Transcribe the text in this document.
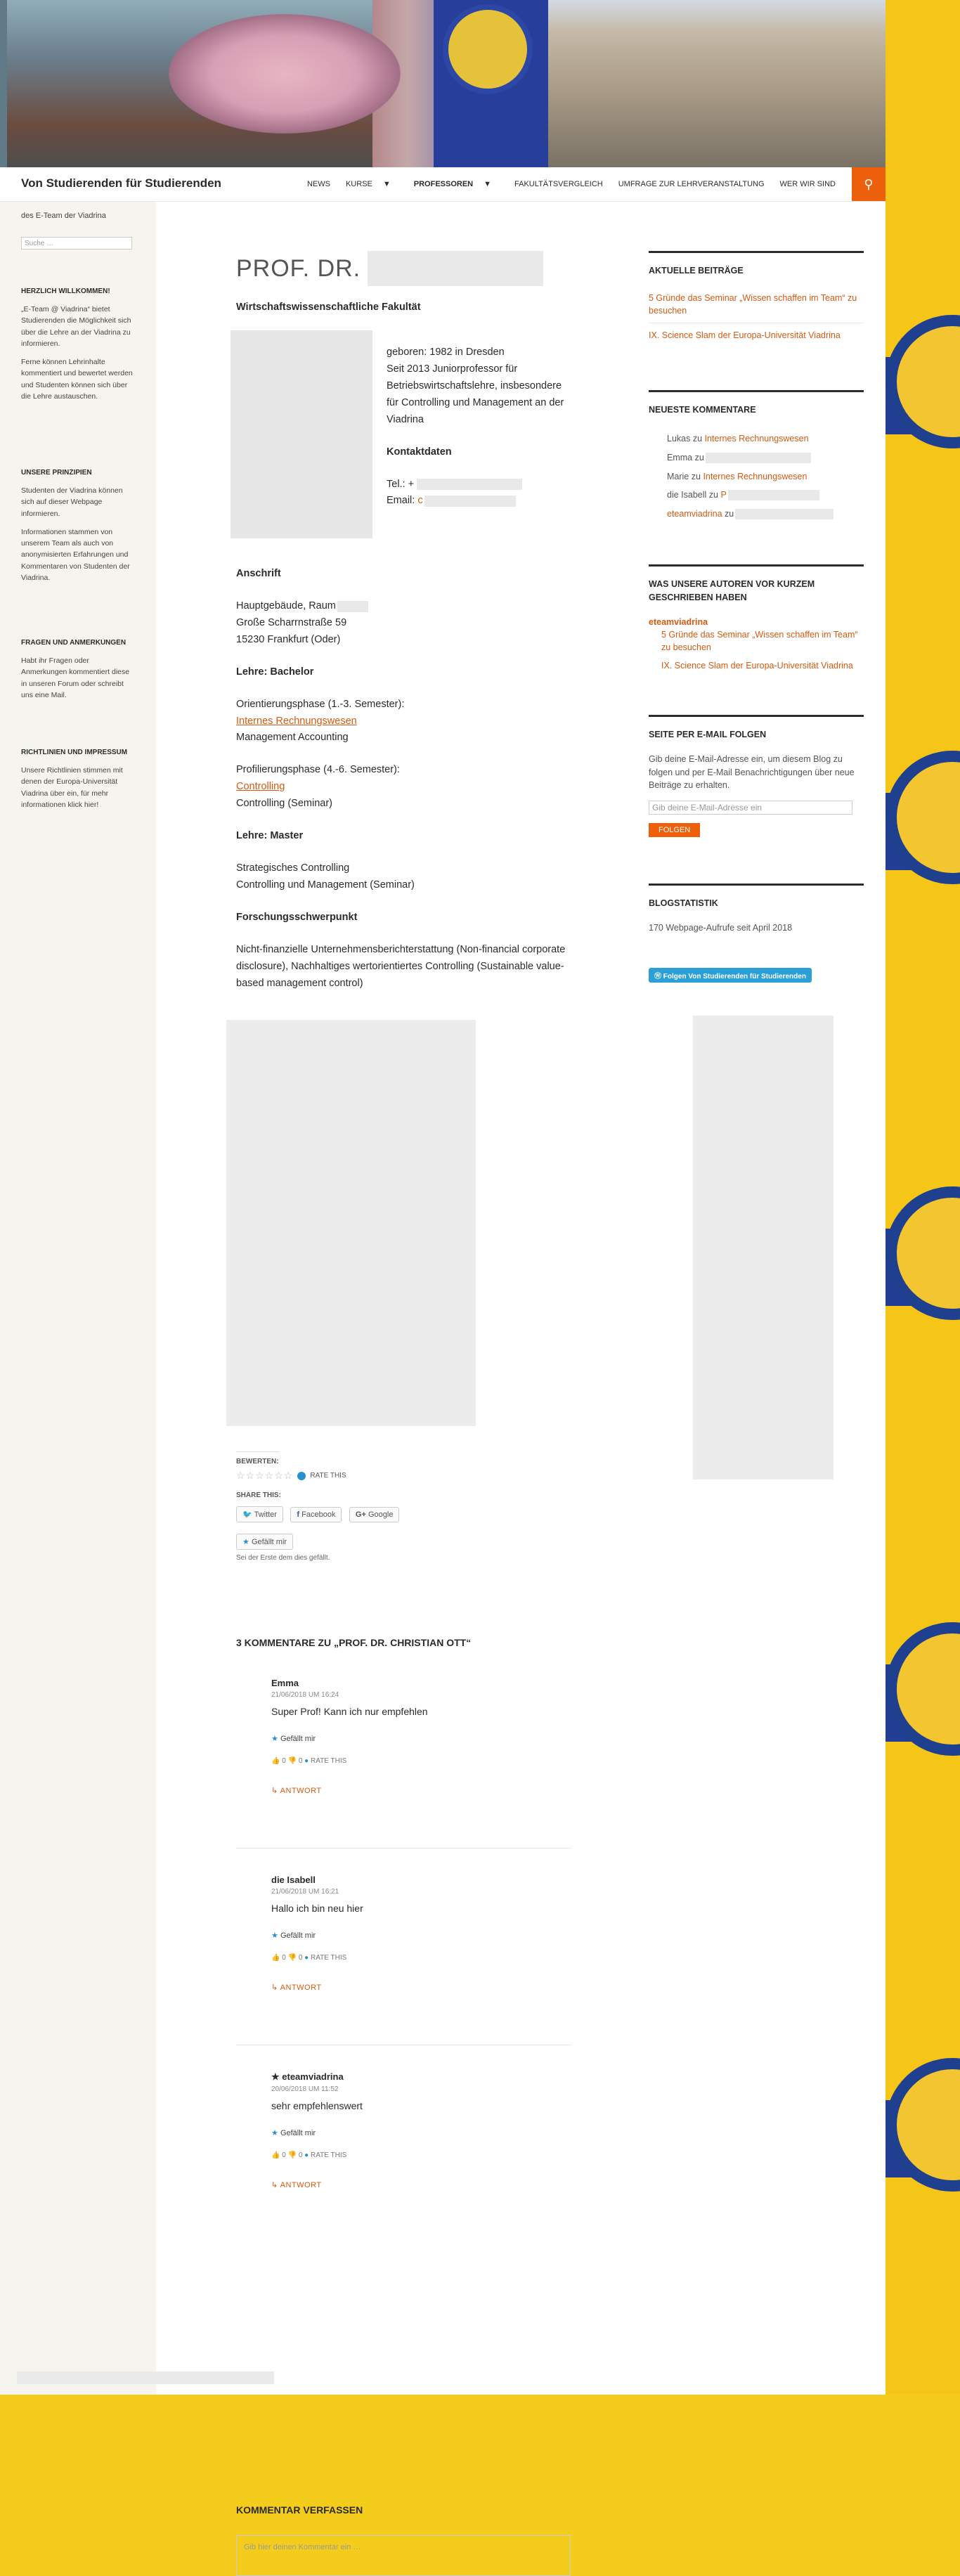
Von Studierenden für Studierenden	NEWS KURSE	▼	PROFESSOREN	▼	FAKULTÄTSVERGLEICH UMFRAGE ZUR LEHRVERANSTALTUNG WER WIR SIND ⚲
des E-Team der Viadrina
Suche …
HERZLICH WILLKOMMEN!

„E-Team @ Viadrina“ bietet Studierenden die Möglichkeit sich über die Lehre an der Viadrina zu informieren.

Ferne können Lehrinhalte kommentiert und bewertet werden und Studenten können sich über die Lehre austauschen.

UNSERE PRINZIPIEN

Studenten der Viadrina können sich auf dieser Webpage informieren.

Informationen stammen von unserem Team als auch von anonymisierten Erfahrungen und Kommentaren von Studenten der Viadrina.

FRAGEN UND ANMERKUNGEN

Habt ihr Fragen oder Anmerkungen kommentiert diese in unseren Forum oder schreibt uns eine Mail.

RICHTLINIEN UND IMPRESSUM

Unsere Richtlinien stimmen mit denen der Europa-Universität Viadrina über ein, für mehr informationen klick hier!

PROF. DR.
Wirtschaftswissenschaftliche Fakultät
geboren: 1982 in Dresden
Seit 2013 Juniorprofessor für Betriebswirtschaftslehre, insbesondere für Controlling und Management an der Viadrina
Kontaktdaten
Tel.: +
Email:
c
Anschrift
Hauptgebäude, Raum
Große Scharrnstraße 59
15230 Frankfurt (Oder)
Lehre: Bachelor
Orientierungsphase (1.-3. Semester):
Internes Rechnungswesen
Management Accounting
Profilierungsphase (4.-6. Semester):
Controlling
Controlling (Seminar)
Lehre: Master
Strategisches Controlling
Controlling und Management (Seminar)
Forschungsschwerpunkt
Nicht-finanzielle Unternehmensberichterstattung (Non-financial corporate disclosure), Nachhaltiges wertorientiertes Controlling (Sustainable value-based management control)
BEWERTEN:
☆☆☆☆☆☆ RATE THIS
SHARE THIS:
🐦 Twitter	f Facebook	G+ Google
★ Gefällt mir
Sei der Erste dem dies gefällt.
3 KOMMENTARE ZU „PROF. DR. CHRISTIAN OTT“
Emma
21/06/2018 UM 16:24
Super Prof! Kann ich nur empfehlen
★ Gefällt mir
👍 0 👎 0 ● RATE THIS
↳ ANTWORT
die Isabell
21/06/2018 UM 16:21
Hallo ich bin neu hier
★ Gefällt mir
👍 0 👎 0 ● RATE THIS
↳ ANTWORT
★ eteamviadrina
20/06/2018 UM 11:52
sehr empfehlenswert
★ Gefällt mir
👍 0 👎 0 ● RATE THIS
↳ ANTWORT
KOMMENTAR VERFASSEN
Gib hier deinen Kommentar ein …
AKTUELLE BEITRÄGE
5 Gründe das Seminar „Wissen schaffen im Team“ zu besuchen
IX. Science Slam der Europa-Universität Viadrina
NEUESTE KOMMENTARE

Lukas
zu
Internes Rechnungswesen

Emma
zu

Marie
zu
Internes Rechnungswesen

die Isabell
zu
P

eteamviadrina
zu

WAS UNSERE AUTOREN VOR KURZEM GESCHRIEBEN HABEN
eteamviadrina
5 Gründe das Seminar „Wissen schaffen im Team“ zu besuchen
IX. Science Slam der Europa-Universität Viadrina
SEITE PER E-MAIL FOLGEN

Gib deine E-Mail-Adresse ein, um diesem Blog zu folgen und per E-Mail Benachrichtigungen über neue Beiträge zu erhalten.

Gib deine E-Mail-Adresse ein
FOLGEN
BLOGSTATISTIK

170 Webpage-Aufrufe seit April 2018

Ⓦ Folgen Von Studierenden für Studierenden
